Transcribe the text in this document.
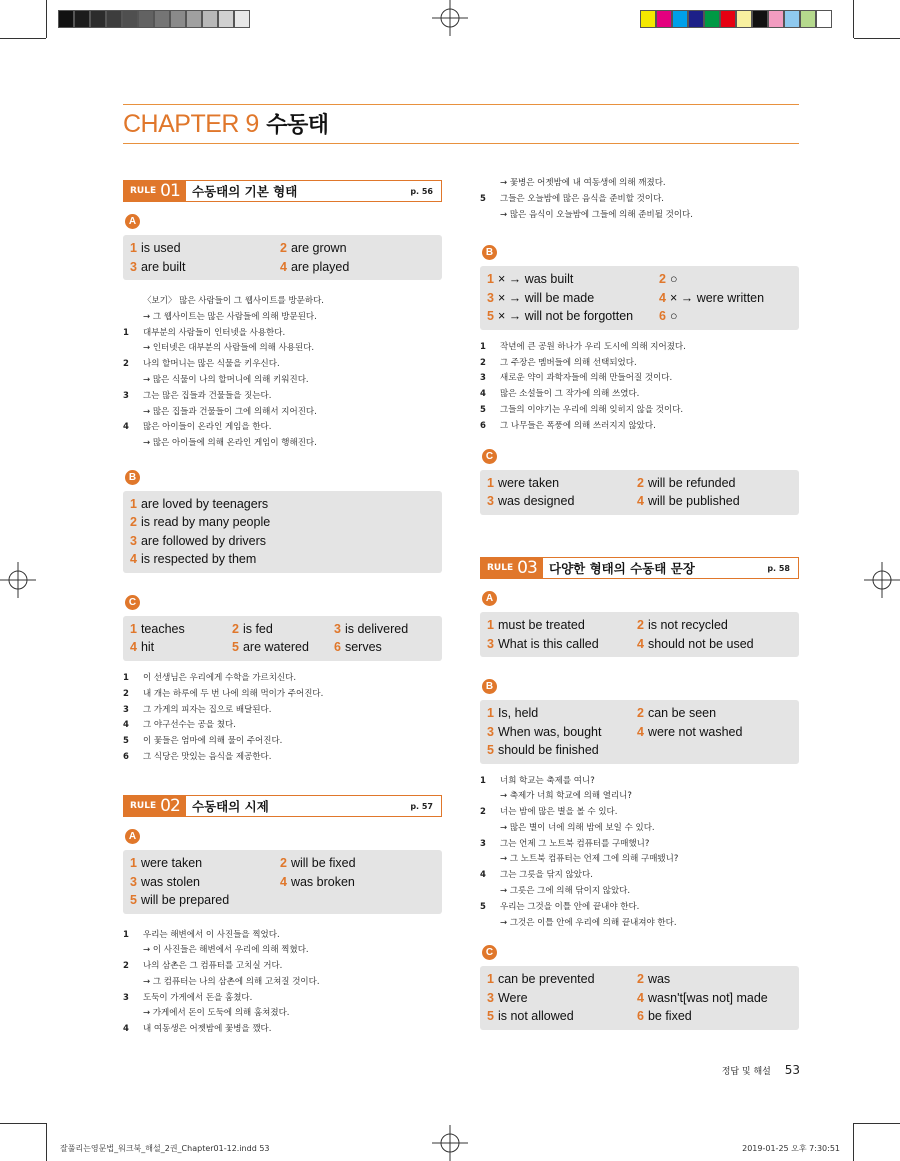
CHAPTER 9 수동태
RULE 01 수동태의 기본 형태	p. 56
A
1 is used	2 are grown
3 are built	4 are played
〈보기〉 많은 사람들이 그 웹사이트를 방문하다.
→ 그 웹사이트는 많은 사람들에 의해 방문된다.
1	대부분의 사람들이 인터넷을 사용한다.
→ 인터넷은 대부분의 사람들에 의해 사용된다.
2	나의 할머니는 많은 식물을 키우신다.
→ 많은 식물이 나의 할머니에 의해 키워진다.
3	그는 많은 집들과 건물들을 짓는다.
→ 많은 집들과 건물들이 그에 의해서 지어진다.
4	많은 아이들이 온라인 게임을 한다.
→ 많은 아이들에 의해 온라인 게임이 행해진다.
B
1 are loved by teenagers
2 is read by many people
3 are followed by drivers
4 is respected by them
C
1 teaches	2 is fed	3 is delivered
4 hit	5 are watered	6 serves
1	이 선생님은 우리에게 수학을 가르치신다.
2	내 개는 하루에 두 번 나에 의해 먹이가 주어진다.
3	그 가게의 피자는 집으로 배달된다.
4	그 야구선수는 공을 쳤다.
5	이 꽃들은 엄마에 의해 물이 주어진다.
6	그 식당은 맛있는 음식을 제공한다.
RULE 02 수동태의 시제	p. 57
A
1 were taken	2 will be fixed
3 was stolen	4 was broken
5 will be prepared
1	우리는 해변에서 이 사진들을 찍었다.
→ 이 사진들은 해변에서 우리에 의해 찍혔다.
2	나의 삼촌은 그 컴퓨터를 고치실 거다.
→ 그 컴퓨터는 나의 삼촌에 의해 고쳐질 것이다.
3	도둑이 가게에서 돈을 훔쳤다.
→ 가게에서 돈이 도둑에 의해 훔쳐졌다.
4	내 여동생은 어젯밤에 꽃병을 깼다.
→ 꽃병은 어젯밤에 내 여동생에 의해 깨졌다.
5	그들은 오늘밤에 많은 음식을 준비할 것이다.
→ 많은 음식이 오늘밤에 그들에 의해 준비될 것이다.
B
1 × → was built	2 ○
3 × → will be made	4 × → were written
5 × → will not be forgotten	6 ○
1	작년에 큰 공원 하나가 우리 도시에 의해 지어졌다.
2	그 주장은 멤버들에 의해 선택되었다.
3	새로운 약이 과학자들에 의해 만들어질 것이다.
4	많은 소설들이 그 작가에 의해 쓰였다.
5	그들의 이야기는 우리에 의해 잊히지 않을 것이다.
6	그 나무들은 폭풍에 의해 쓰러지지 않았다.
C
1 were taken	2 will be refunded
3 was designed	4 will be published
RULE 03 다양한 형태의 수동태 문장	p. 58
A
1 must be treated	2 is not recycled
3 What is this called	4 should not be used
B
1 Is, held	2 can be seen
3 When was, bought	4 were not washed
5 should be finished
1	너희 학교는 축제를 여니?
→ 축제가 너희 학교에 의해 열리니?
2	너는 밤에 많은 별을 볼 수 있다.
→ 많은 별이 너에 의해 밤에 보일 수 있다.
3	그는 언제 그 노트북 컴퓨터를 구매했니?
→ 그 노트북 컴퓨터는 언제 그에 의해 구매됐니?
4	그는 그릇을 닦지 않았다.
→ 그릇은 그에 의해 닦이지 않았다.
5	우리는 그것을 이틀 안에 끝내야 한다.
→ 그것은 이틀 안에 우리에 의해 끝내져야 한다.
C
1 can be prevented	2 was
3 Were	4 wasn't[was not] made
5 is not allowed	6 be fixed
정답 및 해설 53
잘풀리는영문법_워크북_해설_2권_Chapter01-12.indd 53	2019-01-25 오후 7:30:51
